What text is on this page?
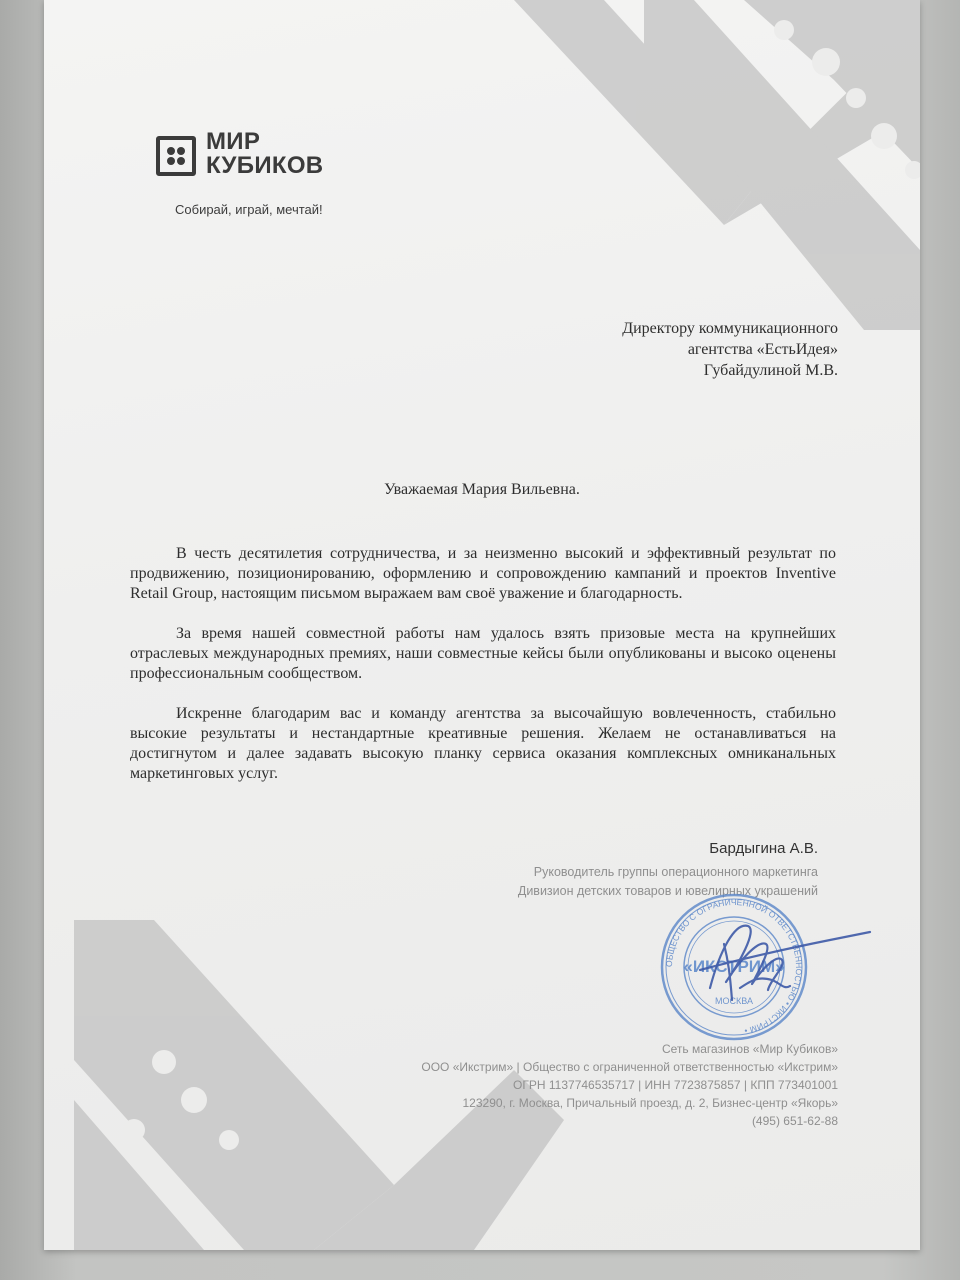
МИР
КУБИКОВ
Собирай, играй, мечтай!
Директору коммуникационного
агентства «ЕстьИдея»
Губайдулиной М.В.
Уважаемая Мария Вильевна.

В честь десятилетия сотрудничества, и за неизменно высокий и эффективный результат по продвижению, позиционированию, оформлению и сопровождению кампаний и проектов Inventive Retail Group, настоящим письмом выражаем вам своё уважение и благодарность.

За время нашей совместной работы нам удалось взять призовые места на крупнейших отраслевых международных премиях, наши совместные кейсы были опубликованы и высоко оценены профессиональным сообществом.

Искренне благодарим вас и команду агентства за высочайшую вовлеченность, стабильно высокие результаты и нестандартные креативные решения. Желаем не останавливаться на достигнутом и далее задавать высокую планку сервиса оказания комплексных омниканальных маркетинговых услуг.

Бардыгина А.В.
Руководитель группы операционного маркетинга
Дивизион детских товаров и ювелирных украшений
ОБЩЕСТВО С ОГРАНИЧЕННОЙ ОТВЕТСТВЕННОСТЬЮ • ИКСТРИМ •
«ИКСТРИМ»
МОСКВА
Сеть магазинов «Мир Кубиков»
ООО «Икстрим» | Общество с ограниченной ответственностью «Икстрим»
ОГРН 1137746535717 | ИНН 7723875857 | КПП 773401001
123290, г. Москва, Причальный проезд, д. 2, Бизнес-центр «Якорь»
(495) 651-62-88
